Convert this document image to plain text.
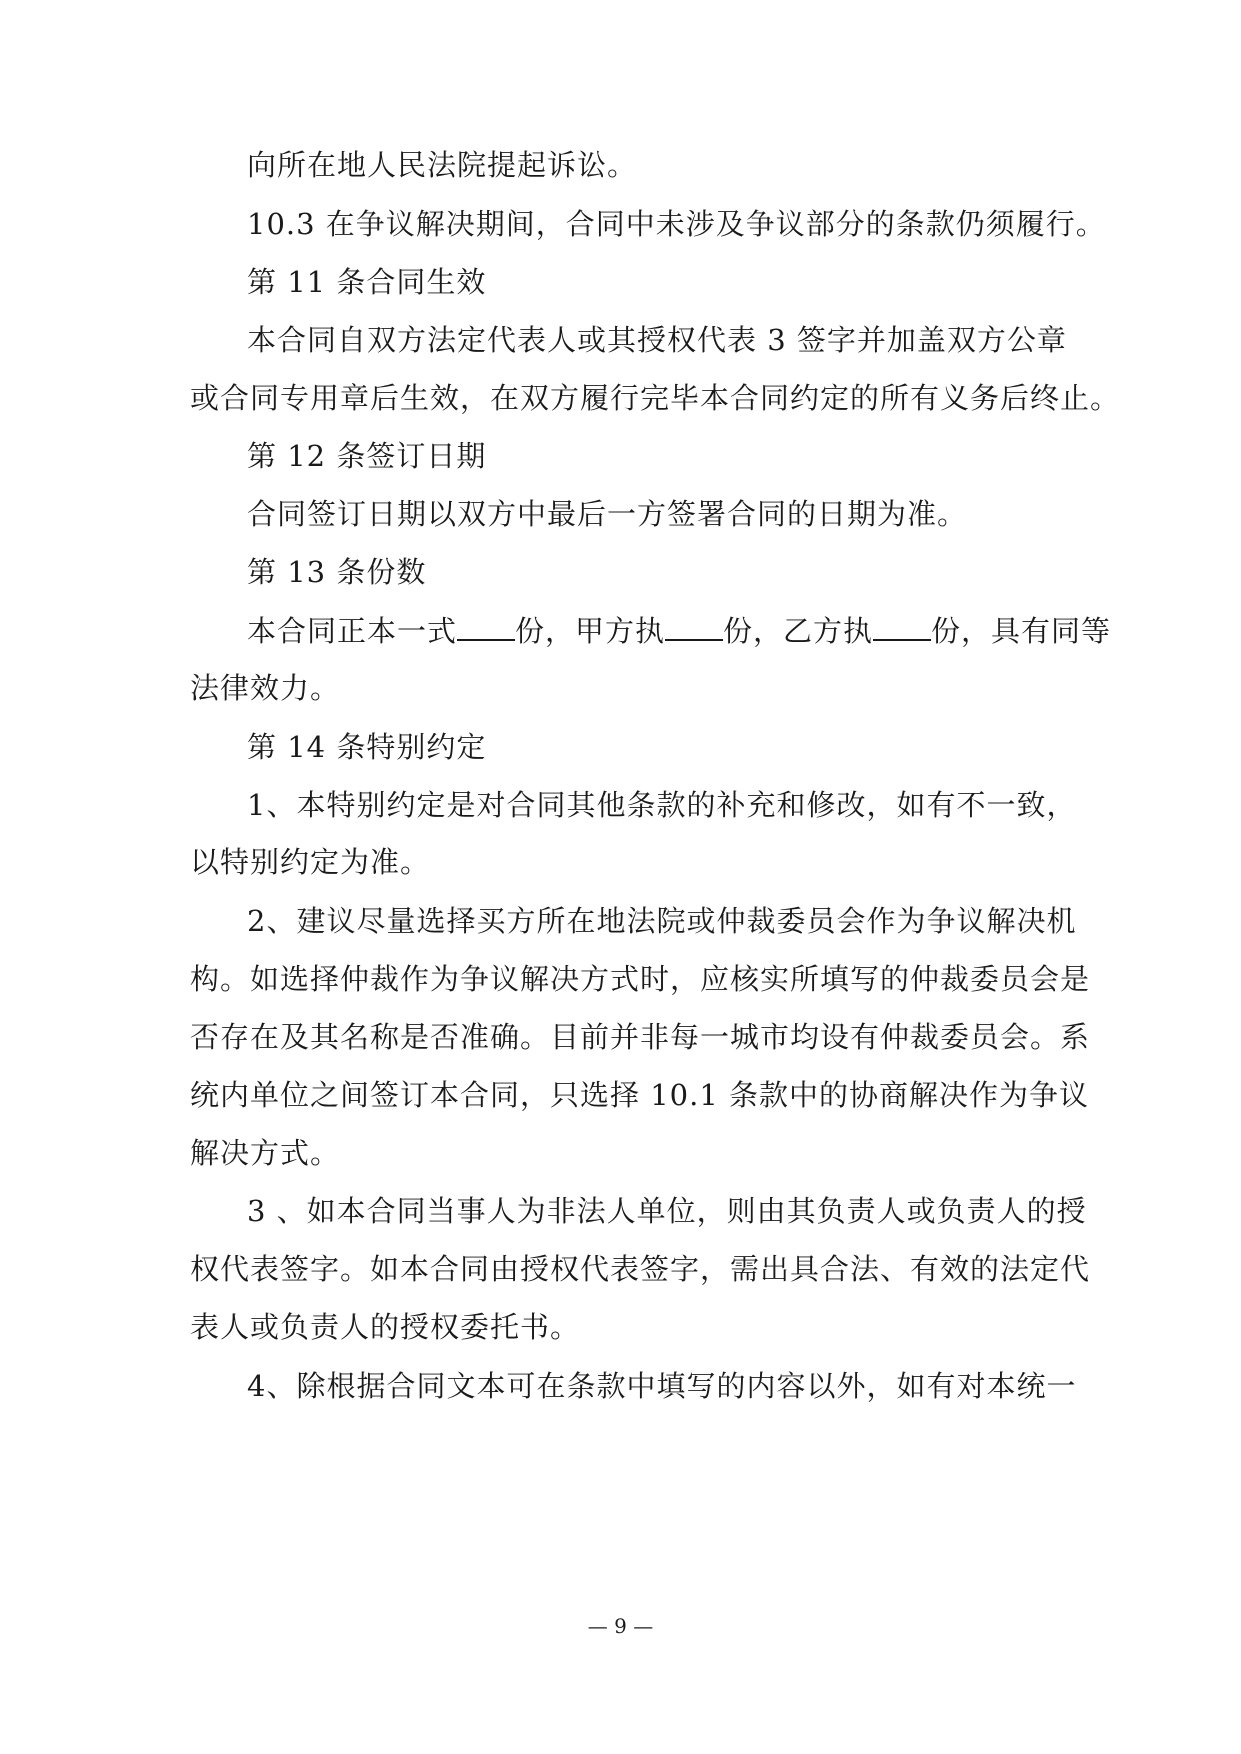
向所在地人民法院提起诉讼。
10.3 在争议解决期间，合同中未涉及争议部分的条款仍须履行。
第 11 条合同生效
本合同自双方法定代表人或其授权代表 3 签字并加盖双方公章
或合同专用章后生效，在双方履行完毕本合同约定的所有义务后终止。
第 12 条签订日期
合同签订日期以双方中最后一方签署合同的日期为准。
第 13 条份数
本合同正本一式 份，甲方执 份，乙方执 份，具有同等
法律效力。
第 14 条特别约定
1、本特别约定是对合同其他条款的补充和修改，如有不一致，
以特别约定为准。
2、建议尽量选择买方所在地法院或仲裁委员会作为争议解决机
构。如选择仲裁作为争议解决方式时，应核实所填写的仲裁委员会是
否存在及其名称是否准确。目前并非每一城市均设有仲裁委员会。系
统内单位之间签订本合同，只选择 10.1 条款中的协商解决作为争议
解决方式。
3 、如本合同当事人为非法人单位，则由其负责人或负责人的授
权代表签字。如本合同由授权代表签字，需出具合法、有效的法定代
表人或负责人的授权委托书。
4、除根据合同文本可在条款中填写的内容以外，如有对本统一
— 9 —
